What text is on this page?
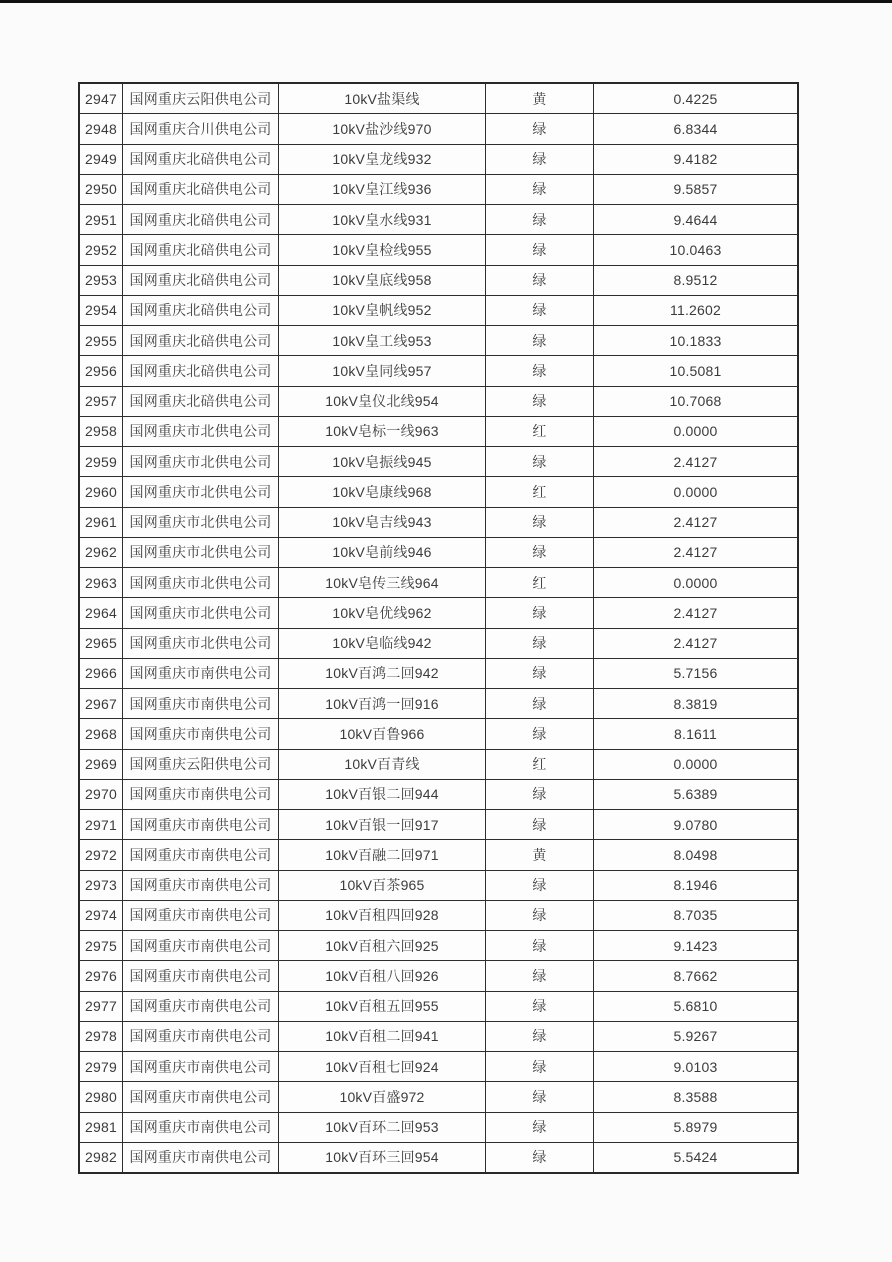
2947 国网重庆云阳供电公司	10kV盐渠线	黄	0.4225
2948 国网重庆合川供电公司	10kV盐沙线970	绿	6.8344
2949 国网重庆北碚供电公司	10kV皇龙线932	绿	9.4182
2950 国网重庆北碚供电公司	10kV皇江线936	绿	9.5857
2951 国网重庆北碚供电公司	10kV皇水线931	绿	9.4644
2952 国网重庆北碚供电公司	10kV皇检线955	绿	10.0463
2953 国网重庆北碚供电公司	10kV皇底线958	绿	8.9512
2954 国网重庆北碚供电公司	10kV皇帆线952	绿	11.2602
2955 国网重庆北碚供电公司	10kV皇工线953	绿	10.1833
2956 国网重庆北碚供电公司	10kV皇同线957	绿	10.5081
2957 国网重庆北碚供电公司	10kV皇仪北线954	绿	10.7068
2958 国网重庆市北供电公司	10kV皂标一线963	红	0.0000
2959 国网重庆市北供电公司	10kV皂振线945	绿	2.4127
2960 国网重庆市北供电公司	10kV皂康线968	红	0.0000
2961 国网重庆市北供电公司	10kV皂吉线943	绿	2.4127
2962 国网重庆市北供电公司	10kV皂前线946	绿	2.4127
2963 国网重庆市北供电公司	10kV皂传三线964	红	0.0000
2964 国网重庆市北供电公司	10kV皂优线962	绿	2.4127
2965 国网重庆市北供电公司	10kV皂临线942	绿	2.4127
2966 国网重庆市南供电公司	10kV百鸿二回942	绿	5.7156
2967 国网重庆市南供电公司	10kV百鸿一回916	绿	8.3819
2968 国网重庆市南供电公司	10kV百鲁966	绿	8.1611
2969 国网重庆云阳供电公司	10kV百青线	红	0.0000
2970 国网重庆市南供电公司	10kV百银二回944	绿	5.6389
2971 国网重庆市南供电公司	10kV百银一回917	绿	9.0780
2972 国网重庆市南供电公司	10kV百融二回971	黄	8.0498
2973 国网重庆市南供电公司	10kV百茶965	绿	8.1946
2974 国网重庆市南供电公司	10kV百租四回928	绿	8.7035
2975 国网重庆市南供电公司	10kV百租六回925	绿	9.1423
2976 国网重庆市南供电公司	10kV百租八回926	绿	8.7662
2977 国网重庆市南供电公司	10kV百租五回955	绿	5.6810
2978 国网重庆市南供电公司	10kV百租二回941	绿	5.9267
2979 国网重庆市南供电公司	10kV百租七回924	绿	9.0103
2980 国网重庆市南供电公司	10kV百盛972	绿	8.3588
2981 国网重庆市南供电公司	10kV百环二回953	绿	5.8979
2982 国网重庆市南供电公司	10kV百环三回954	绿	5.5424
